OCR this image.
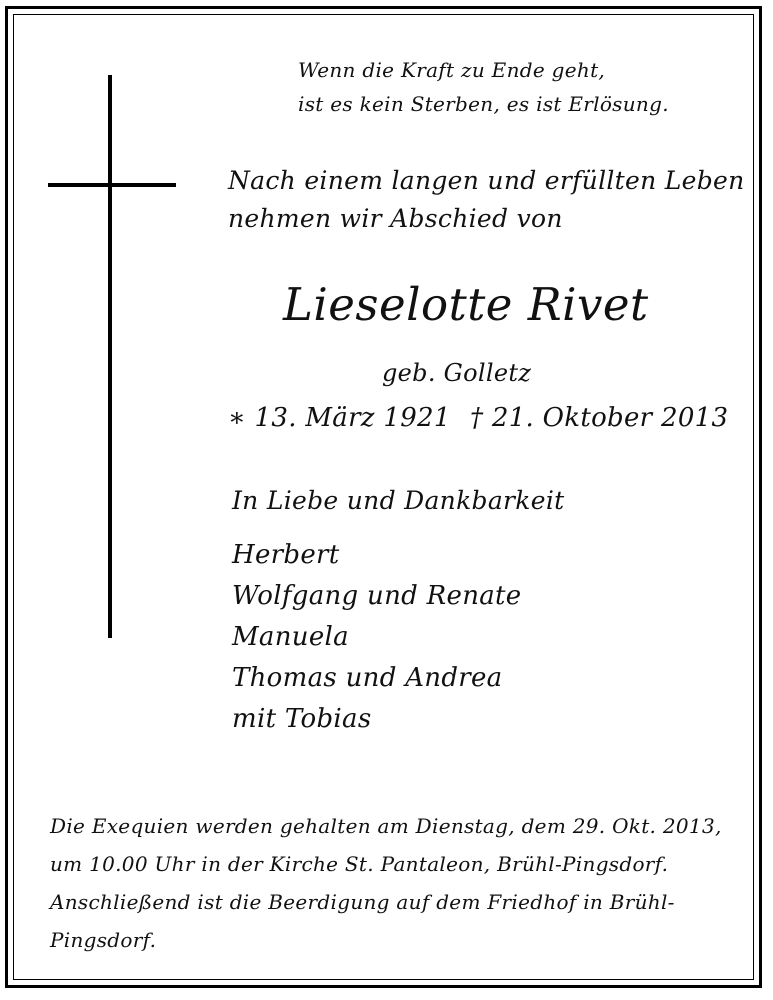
Wenn die Kraft zu Ende geht,
ist es kein Sterben, es ist Erlösung.
Nach einem langen und erfüllten Leben
nehmen wir Abschied von
Lieselotte Rivet
geb. Golletz
∗ 13. März 1921 † 21. Oktober 2013
In Liebe und Dankbarkeit
Herbert
Wolfgang und Renate
Manuela
Thomas und Andrea
mit Tobias
Die Exequien werden gehalten am Dienstag, dem 29. Okt. 2013,
um 10.00 Uhr in der Kirche St. Pantaleon, Brühl-Pingsdorf.
Anschließend ist die Beerdigung auf dem Friedhof in Brühl-
Pingsdorf.
